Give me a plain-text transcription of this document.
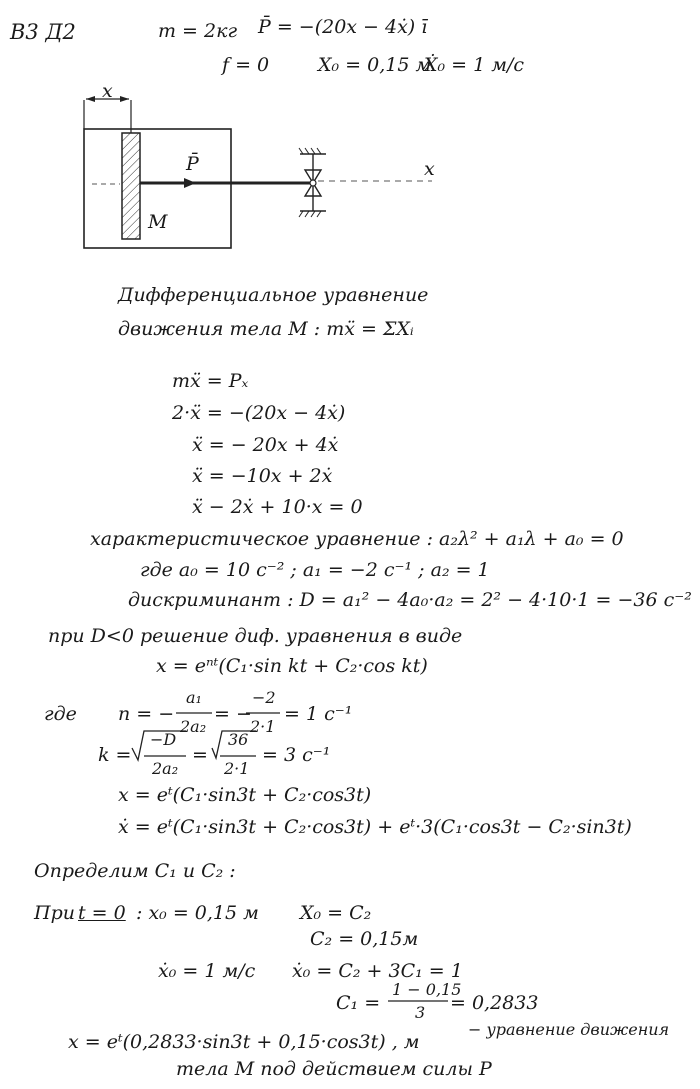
В3 Д2	m = 2кг P̄ = −(20x − 4ẋ) ī
f = 0	X₀ = 0,15 м
Ẋ₀ = 1 м/с
x
P̄
M
x
Дифференциальное уравнение
движения тела М : mẍ = ΣXᵢ
mẍ = Pₓ
2·ẍ = −(20x − 4ẋ)
ẍ = − 20x + 4ẋ
ẍ = −10x + 2ẋ
ẍ − 2ẋ + 10·x = 0
характеристическое уравнение : a₂λ² + a₁λ + a₀ = 0
где a₀ = 10 с⁻² ; a₁ = −2 с⁻¹ ; a₂ = 1
дискриминант : D = a₁² − 4a₀·a₂ = 2² − 4·10·1 = −36 с⁻²
при D<0 решение диф. уравнения в виде
x = eⁿᵗ(C₁·sin kt + C₂·cos kt)
где n = −
a₁
2a₂
= −
−2
2·1
= 1 с⁻¹
k =
−D
2a₂
=
36
2·1
= 3 с⁻¹
x = eᵗ(C₁·sin3t + C₂·cos3t)
ẋ = eᵗ(C₁·sin3t + C₂·cos3t) + eᵗ·3(C₁·cos3t − C₂·sin3t)
Определим C₁ и C₂ :
При t = 0 : x₀ = 0,15 м X₀ = C₂
C₂ = 0,15м
ẋ₀ = 1 м/с ẋ₀ = C₂ + 3C₁ = 1
C₁ =
1 − 0,15
3 = 0,2833
x = eᵗ(0,2833·sin3t + 0,15·cos3t) , м
− уравнение движения
тела М под действием силы P
